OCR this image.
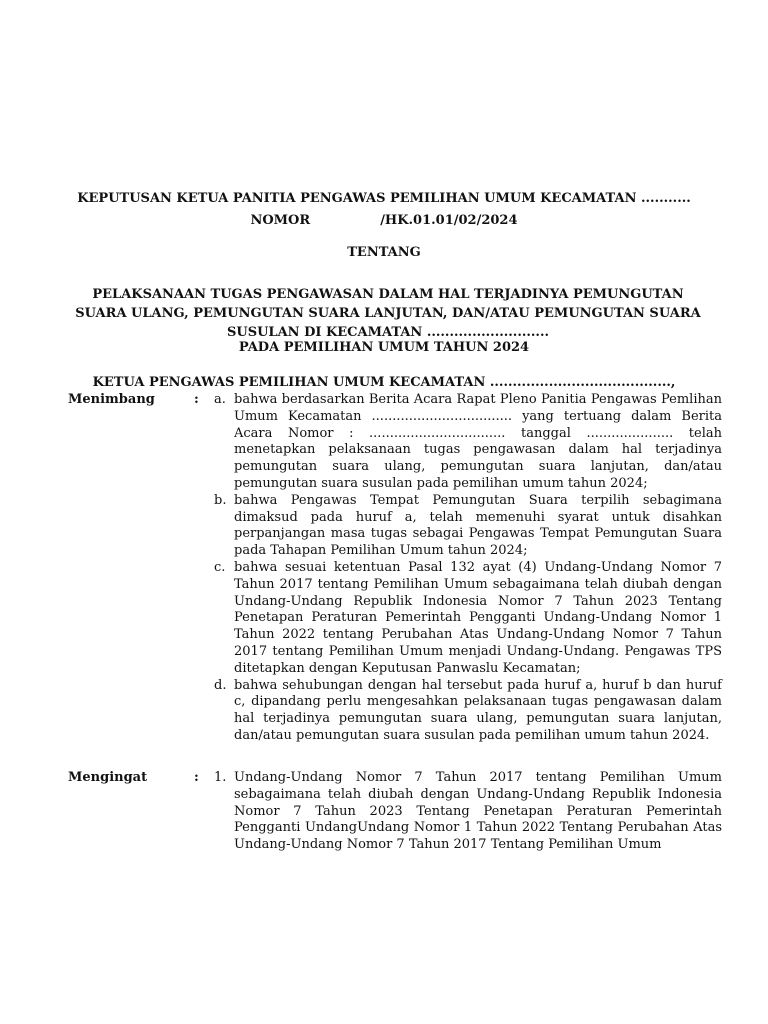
KEPUTUSAN KETUA PANITIA PENGAWAS PEMILIHAN UMUM KECAMATAN ...........
NOMOR	/HK.01.01/02/2024
TENTANG
PELAKSANAAN TUGAS PENGAWASAN DALAM HAL TERJADINYA PEMUNGUTAN SUARA ULANG, PEMUNGUTAN SUARA LANJUTAN, DAN/ATAU PEMUNGUTAN SUARA SUSULAN DI KECAMATAN ...........................
PADA PEMILIHAN UMUM TAHUN 2024
KETUA PENGAWAS PEMILIHAN UMUM KECAMATAN ........................................,
Menimbang	: a. bahwa berdasarkan Berita Acara Rapat Pleno Panitia Pengawas Pemlihan Umum Kecamatan .................................. yang tertuang dalam Berita Acara Nomor : ................................. tanggal ..................... telah menetapkan pelaksanaan tugas pengawasan dalam hal terjadinya pemungutan suara ulang, pemungutan suara lanjutan, dan/atau pemungutan suara susulan pada pemilihan umum tahun 2024;
b. bahwa Pengawas Tempat Pemungutan Suara terpilih sebagimana dimaksud pada huruf a, telah memenuhi syarat untuk disahkan perpanjangan masa tugas sebagai Pengawas Tempat Pemungutan Suara pada Tahapan Pemilihan Umum tahun 2024;
c. bahwa sesuai ketentuan Pasal 132 ayat (4) Undang-Undang Nomor 7 Tahun 2017 tentang Pemilihan Umum sebagaimana telah diubah dengan Undang-Undang Republik Indonesia Nomor 7 Tahun 2023 Tentang Penetapan Peraturan Pemerintah Pengganti Undang-Undang Nomor 1 Tahun 2022 tentang Perubahan Atas Undang-Undang Nomor 7 Tahun 2017 tentang Pemilihan Umum menjadi Undang-Undang. Pengawas TPS ditetapkan dengan Keputusan Panwaslu Kecamatan;
d. bahwa sehubungan dengan hal tersebut pada huruf a, huruf b dan huruf c, dipandang perlu mengesahkan pelaksanaan tugas pengawasan dalam hal terjadinya pemungutan suara ulang, pemungutan suara lanjutan, dan/atau pemungutan suara susulan pada pemilihan umum tahun 2024.
Mengingat	: 1. Undang-Undang Nomor 7 Tahun 2017 tentang Pemilihan Umum sebagaimana telah diubah dengan Undang-Undang Republik Indonesia Nomor 7 Tahun 2023 Tentang Penetapan Peraturan Pemerintah Pengganti UndangUndang Nomor 1 Tahun 2022 Tentang Perubahan Atas Undang-Undang Nomor 7 Tahun 2017 Tentang Pemilihan Umum
